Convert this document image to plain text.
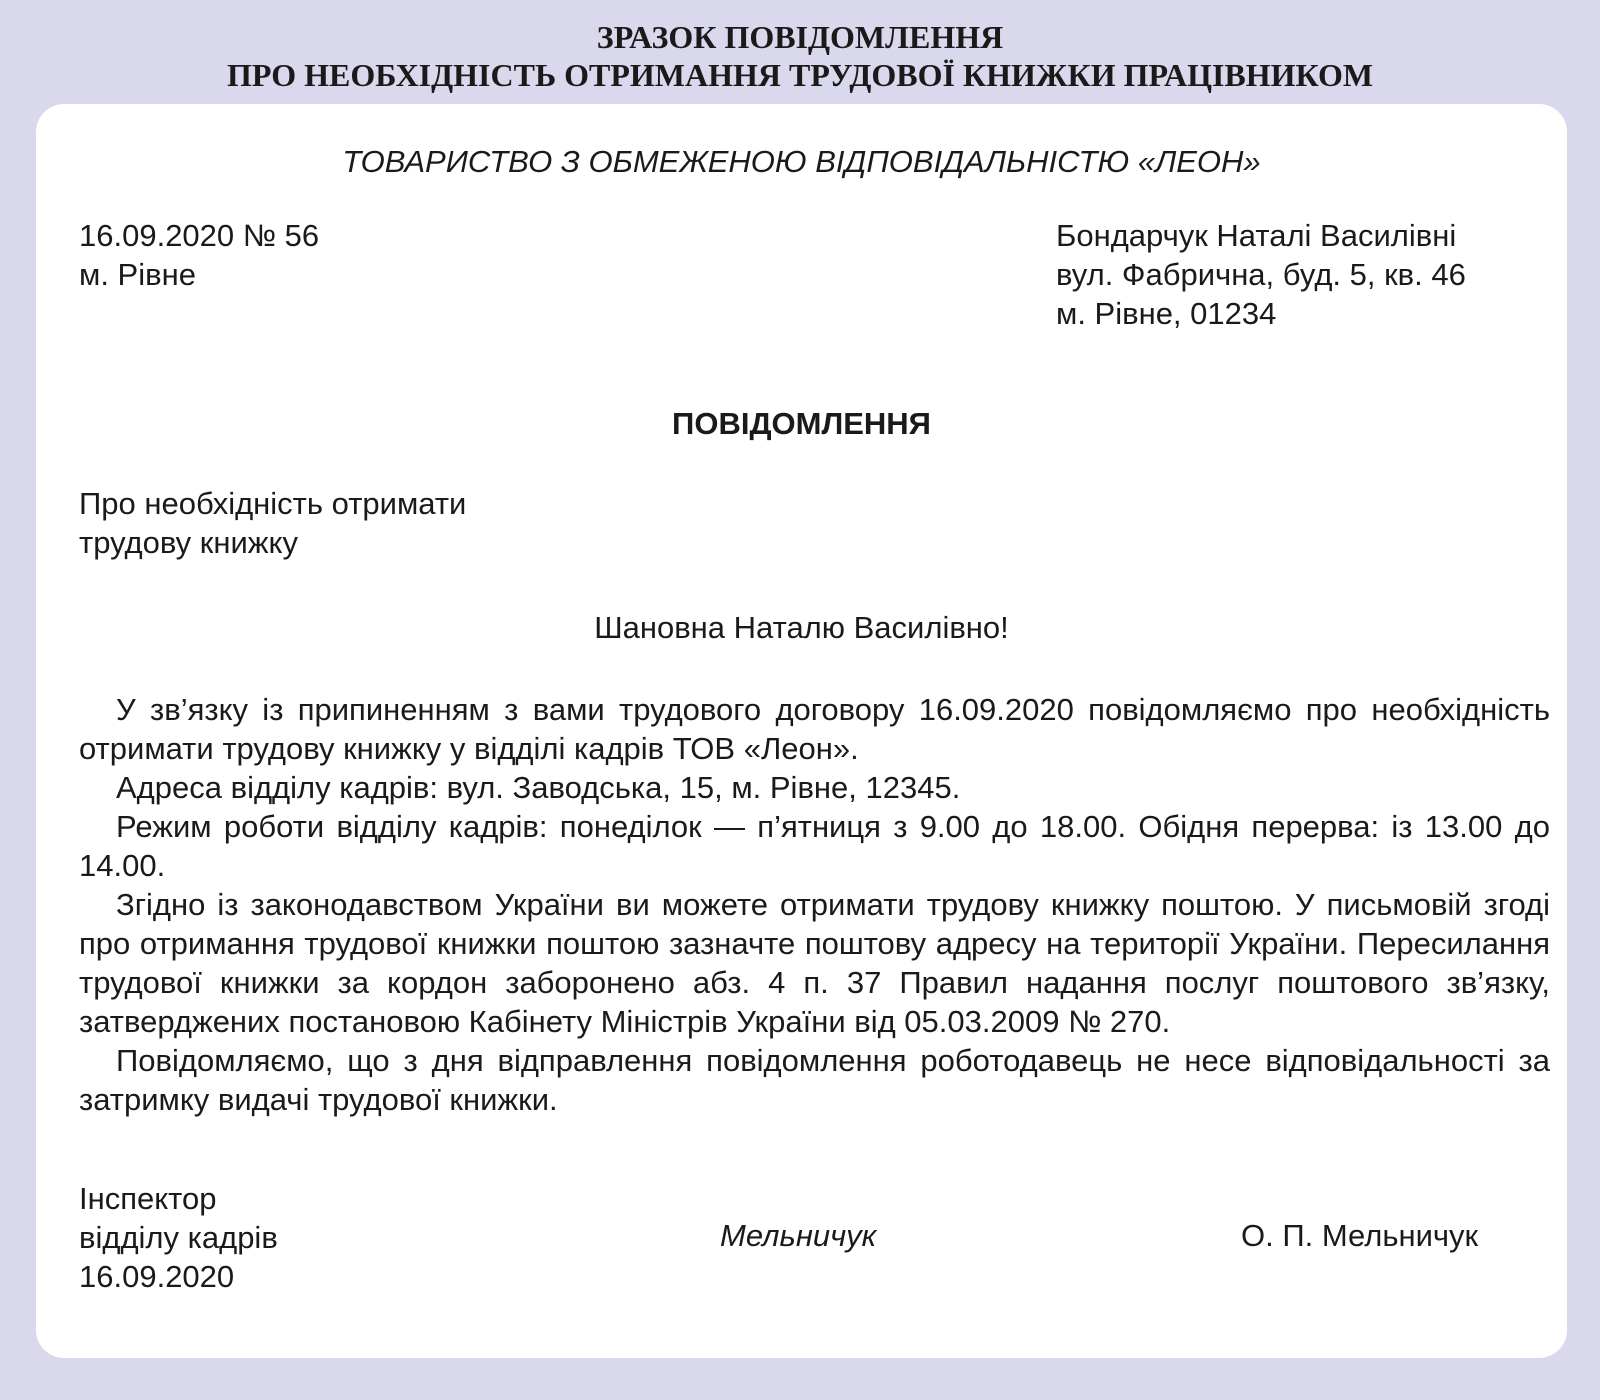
ЗРАЗОК ПОВІДОМЛЕННЯ
ПРО НЕОБХІДНІСТЬ ОТРИМАННЯ ТРУДОВОЇ КНИЖКИ ПРАЦІВНИКОМ
ТОВАРИСТВО З ОБМЕЖЕНОЮ ВІДПОВІДАЛЬНІСТЮ «ЛЕОН»
16.09.2020 № 56
м. Рівне
Бондарчук Наталі Василівні
вул. Фабрична, буд. 5, кв. 46
м. Рівне, 01234
ПОВІДОМЛЕННЯ
Про необхідність отримати
трудову книжку
Шановна Наталю Василівно!

У зв’язку із припиненням з вами трудового договору 16.09.2020 повідомляємо про необхідність отримати трудову книжку у відділі кадрів ТОВ «Леон».

Адреса відділу кадрів: вул. Заводська, 15, м. Рівне, 12345.

Режим роботи відділу кадрів: понеділок — п’ятниця з 9.00 до 18.00. Обідня перерва: із 13.00 до 14.00.

Згідно із законодавством України ви можете отримати трудову книжку поштою. У письмовій згоді про отримання трудової книжки поштою зазначте поштову адресу на території України. Пересилання трудової книжки за кордон заборонено абз. 4 п. 37 Правил надання послуг поштового зв’язку, затверджених постановою Кабінету Міністрів України від 05.03.2009 № 270.

Повідомляємо, що з дня відправлення повідомлення роботодавець не несе відповідальності за затримку видачі трудової книжки.

Інспектор
відділу кадрів
16.09.2020
Мельничук	О. П. Мельничук
